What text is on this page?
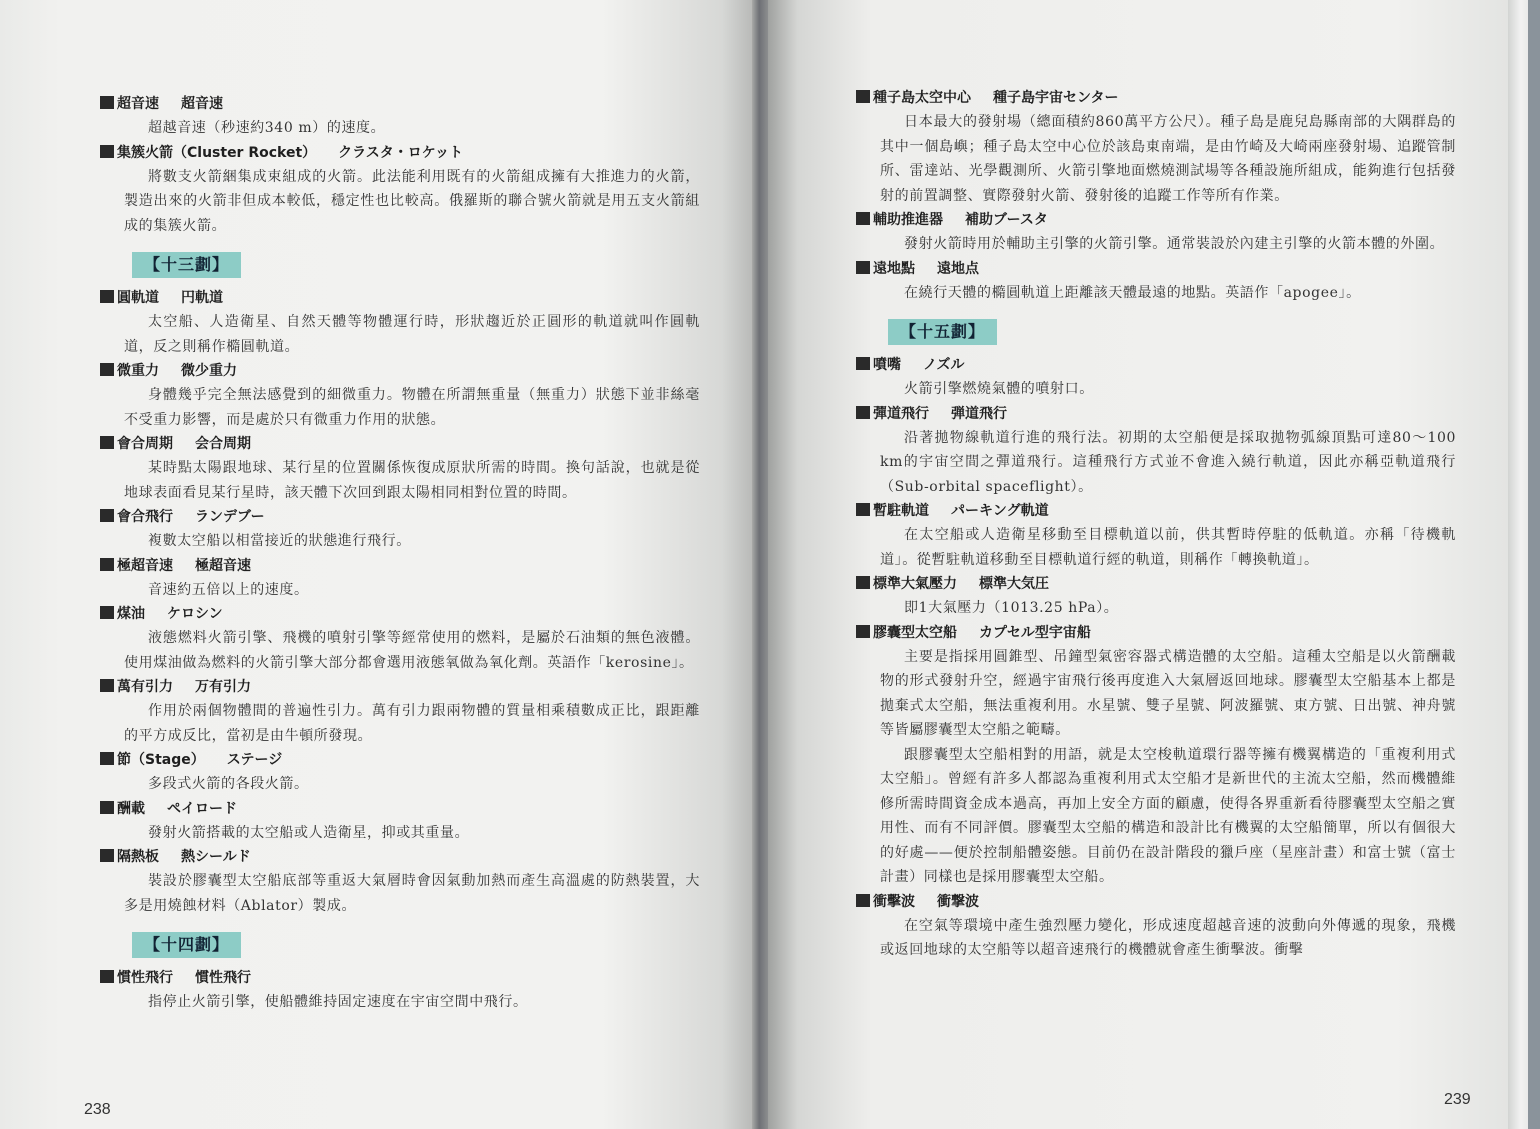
超音速 超音速

超越音速（秒速約340 m）的速度。

集簇火箭（Cluster Rocket） クラスタ・ロケット

將數支火箭綑集成束組成的火箭。此法能利用既有的火箭組成擁有大推進力的火箭，製造出來的火箭非但成本較低，穩定性也比較高。俄羅斯的聯合號火箭就是用五支火箭組成的集簇火箭。

【十三劃】

圓軌道 円軌道

太空船、人造衛星、自然天體等物體運行時，形狀趨近於正圓形的軌道就叫作圓軌道，反之則稱作橢圓軌道。

微重力 微少重力

身體幾乎完全無法感覺到的細微重力。物體在所謂無重量（無重力）狀態下並非絲毫不受重力影響，而是處於只有微重力作用的狀態。

會合周期 会合周期

某時點太陽跟地球、某行星的位置關係恢復成原狀所需的時間。換句話說，也就是從地球表面看見某行星時，該天體下次回到跟太陽相同相對位置的時間。

會合飛行 ランデブー

複數太空船以相當接近的狀態進行飛行。

極超音速 極超音速

音速約五倍以上的速度。

煤油 ケロシン

液態燃料火箭引擎、飛機的噴射引擎等經常使用的燃料，是屬於石油類的無色液體。使用煤油做為燃料的火箭引擎大部分都會選用液態氧做為氧化劑。英語作「kerosine」。

萬有引力 万有引力

作用於兩個物體間的普遍性引力。萬有引力跟兩物體的質量相乘積數成正比，跟距離的平方成反比，當初是由牛頓所發現。

節（Stage） ステージ

多段式火箭的各段火箭。

酬載 ペイロード

發射火箭搭載的太空船或人造衛星，抑或其重量。

隔熱板 熱シールド

裝設於膠囊型太空船底部等重返大氣層時會因氣動加熱而產生高溫處的防熱裝置，大多是用燒蝕材料（Ablator）製成。

【十四劃】

慣性飛行 慣性飛行

指停止火箭引擎，使船體維持固定速度在宇宙空間中飛行。

238

種子島太空中心 種子島宇宙センター

日本最大的發射場（總面積約860萬平方公尺）。種子島是鹿兒島縣南部的大隅群島的其中一個島嶼；種子島太空中心位於該島東南端，是由竹崎及大崎兩座發射場、追蹤管制所、雷達站、光學觀測所、火箭引擎地面燃燒測試場等各種設施所組成，能夠進行包括發射的前置調整、實際發射火箭、發射後的追蹤工作等所有作業。

輔助推進器 補助ブースタ

發射火箭時用於輔助主引擎的火箭引擎。通常裝設於內建主引擎的火箭本體的外圍。

遠地點 遠地点

在繞行天體的橢圓軌道上距離該天體最遠的地點。英語作「apogee」。

【十五劃】

噴嘴 ノズル

火箭引擎燃燒氣體的噴射口。

彈道飛行 弾道飛行

沿著拋物線軌道行進的飛行法。初期的太空船便是採取拋物弧線頂點可達80～100 km的宇宙空間之彈道飛行。這種飛行方式並不會進入繞行軌道，因此亦稱亞軌道飛行（Sub-orbital spaceflight）。

暫駐軌道 パーキング軌道

在太空船或人造衛星移動至目標軌道以前，供其暫時停駐的低軌道。亦稱「待機軌道」。從暫駐軌道移動至目標軌道行經的軌道，則稱作「轉換軌道」。

標準大氣壓力 標準大気圧

即1大氣壓力（1013.25 hPa）。

膠囊型太空船 カプセル型宇宙船

主要是指採用圓錐型、吊鐘型氣密容器式構造體的太空船。這種太空船是以火箭酬載物的形式發射升空，經過宇宙飛行後再度進入大氣層返回地球。膠囊型太空船基本上都是拋棄式太空船，無法重複利用。水星號、雙子星號、阿波羅號、東方號、日出號、神舟號等皆屬膠囊型太空船之範疇。

跟膠囊型太空船相對的用語，就是太空梭軌道環行器等擁有機翼構造的「重複利用式太空船」。曾經有許多人都認為重複利用式太空船才是新世代的主流太空船，然而機體維修所需時間資金成本過高，再加上安全方面的顧慮，使得各界重新看待膠囊型太空船之實用性、而有不同評價。膠囊型太空船的構造和設計比有機翼的太空船簡單，所以有個很大的好處——便於控制船體姿態。目前仍在設計階段的獵戶座（星座計畫）和富士號（富士計畫）同樣也是採用膠囊型太空船。

衝擊波 衝撃波

在空氣等環境中產生強烈壓力變化，形成速度超越音速的波動向外傳遞的現象，飛機或返回地球的太空船等以超音速飛行的機體就會產生衝擊波。衝擊

239
